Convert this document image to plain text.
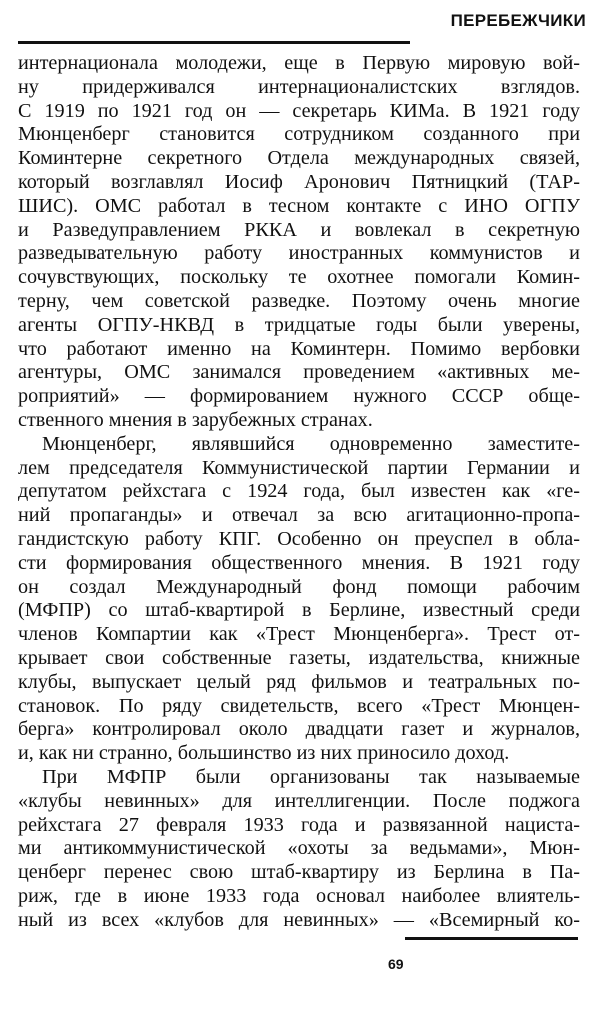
ПЕРЕБЕЖЧИКИ
интернационала молодежи, еще в Первую мировую вой-
ну придерживался интернационалистских взглядов.
С 1919 по 1921 год он — секретарь КИМа. В 1921 году
Мюнценберг становится сотрудником созданного при
Коминтерне секретного Отдела международных связей,
который возглавлял Иосиф Аронович Пятницкий (ТАР-
ШИС). ОМС работал в тесном контакте с ИНО ОГПУ
и Разведуправлением РККА и вовлекал в секретную
разведывательную работу иностранных коммунистов и
сочувствующих, поскольку те охотнее помогали Комин-
терну, чем советской разведке. Поэтому очень многие
агенты ОГПУ-НКВД в тридцатые годы были уверены,
что работают именно на Коминтерн. Помимо вербовки
агентуры, ОМС занимался проведением «активных ме-
роприятий» — формированием нужного СССР обще-
ственного мнения в зарубежных странах.
Мюнценберг, являвшийся одновременно заместите-
лем председателя Коммунистической партии Германии и
депутатом рейхстага с 1924 года, был известен как «ге-
ний пропаганды» и отвечал за всю агитационно-пропа-
гандистскую работу КПГ. Особенно он преуспел в обла-
сти формирования общественного мнения. В 1921 году
он создал Международный фонд помощи рабочим
(МФПР) со штаб-квартирой в Берлине, известный среди
членов Компартии как «Трест Мюнценберга». Трест от-
крывает свои собственные газеты, издательства, книжные
клубы, выпускает целый ряд фильмов и театральных по-
становок. По ряду свидетельств, всего «Трест Мюнцен-
берга» контролировал около двадцати газет и журналов,
и, как ни странно, большинство из них приносило доход.
При МФПР были организованы так называемые
«клубы невинных» для интеллигенции. После поджога
рейхстага 27 февраля 1933 года и развязанной нациста-
ми антикоммунистической «охоты за ведьмами», Мюн-
ценберг перенес свою штаб-квартиру из Берлина в Па-
риж, где в июне 1933 года основал наиболее влиятель-
ный из всех «клубов для невинных» — «Всемирный ко-
69
